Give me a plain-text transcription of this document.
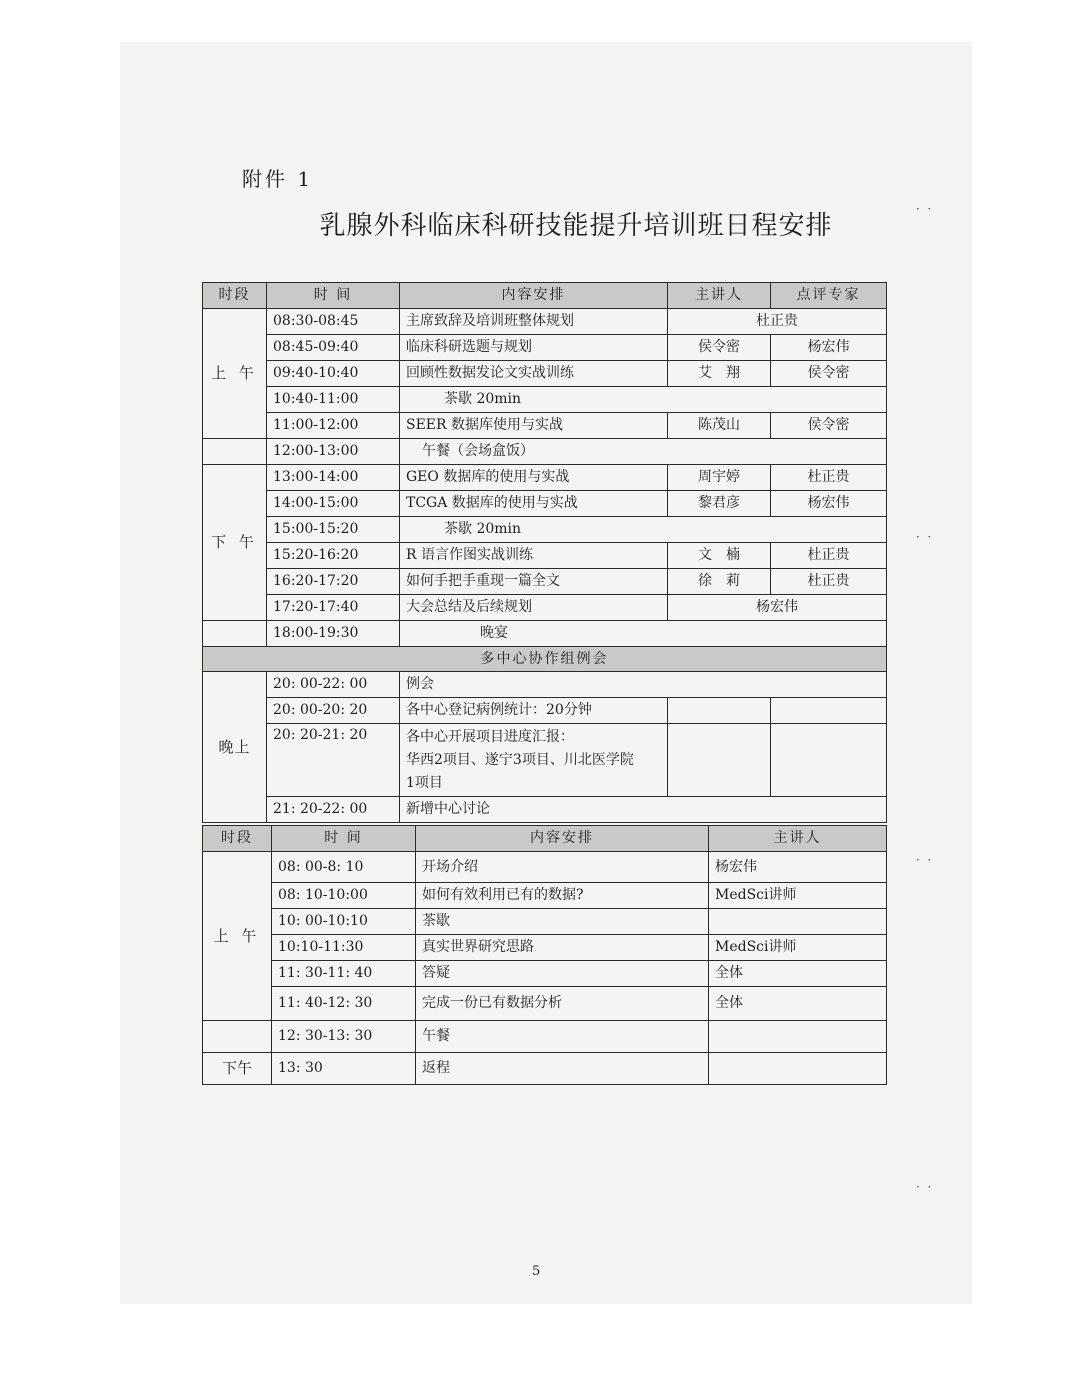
附件 1
乳腺外科临床科研技能提升培训班日程安排
时段	时 间	内容安排	主讲人	点评专家
上 午	08:30-08:45	主席致辞及培训班整体规划	杜正贵	
	08:45-09:40	临床科研选题与规划	侯令密	杨宏伟
	09:40-10:40	回顾性数据发论文实战训练	艾　翔	侯令密
	10:40-11:00	茶歇 20min		
	11:00-12:00	SEER 数据库使用与实战	陈茂山	侯令密
	12:00-13:00	午餐（会场盒饭）		
下 午	13:00-14:00	GEO 数据库的使用与实战	周宇婷	杜正贵
	14:00-15:00	TCGA 数据库的使用与实战	黎君彦	杨宏伟
	15:00-15:20	茶歇 20min		
	15:20-16:20	R 语言作图实战训练	文　楠	杜正贵
	16:20-17:20	如何手把手重现一篇全文	徐　莉	杜正贵
	17:20-17:40	大会总结及后续规划	杨宏伟	
	18:00-19:30	晚宴		
多中心协作组例会				
晚上	20: 00-22: 00	例会		
	20: 00-20: 20	各中心登记病例统计：20分钟		
	20: 20-21: 20	各中心开展项目进度汇报：
华西2项目、遂宁3项目、川北医学院
1项目		

	21: 20-22: 00	新增中心讨论		
时段	时 间	内容安排	主讲人
上 午	08: 00-8: 10	开场介绍	杨宏伟
	08: 10-10:00	如何有效利用已有的数据?	MedSci讲师
	10: 00-10:10	茶歇	
	10:10-11:30	真实世界研究思路	MedSci讲师
	11: 30-11: 40	答疑	全体
	11: 40-12: 30	完成一份已有数据分析	全体
	12: 30-13: 30	午餐	
下午	13: 30	返程	
5
·  ·
·  ·
·  ·
·  ·
